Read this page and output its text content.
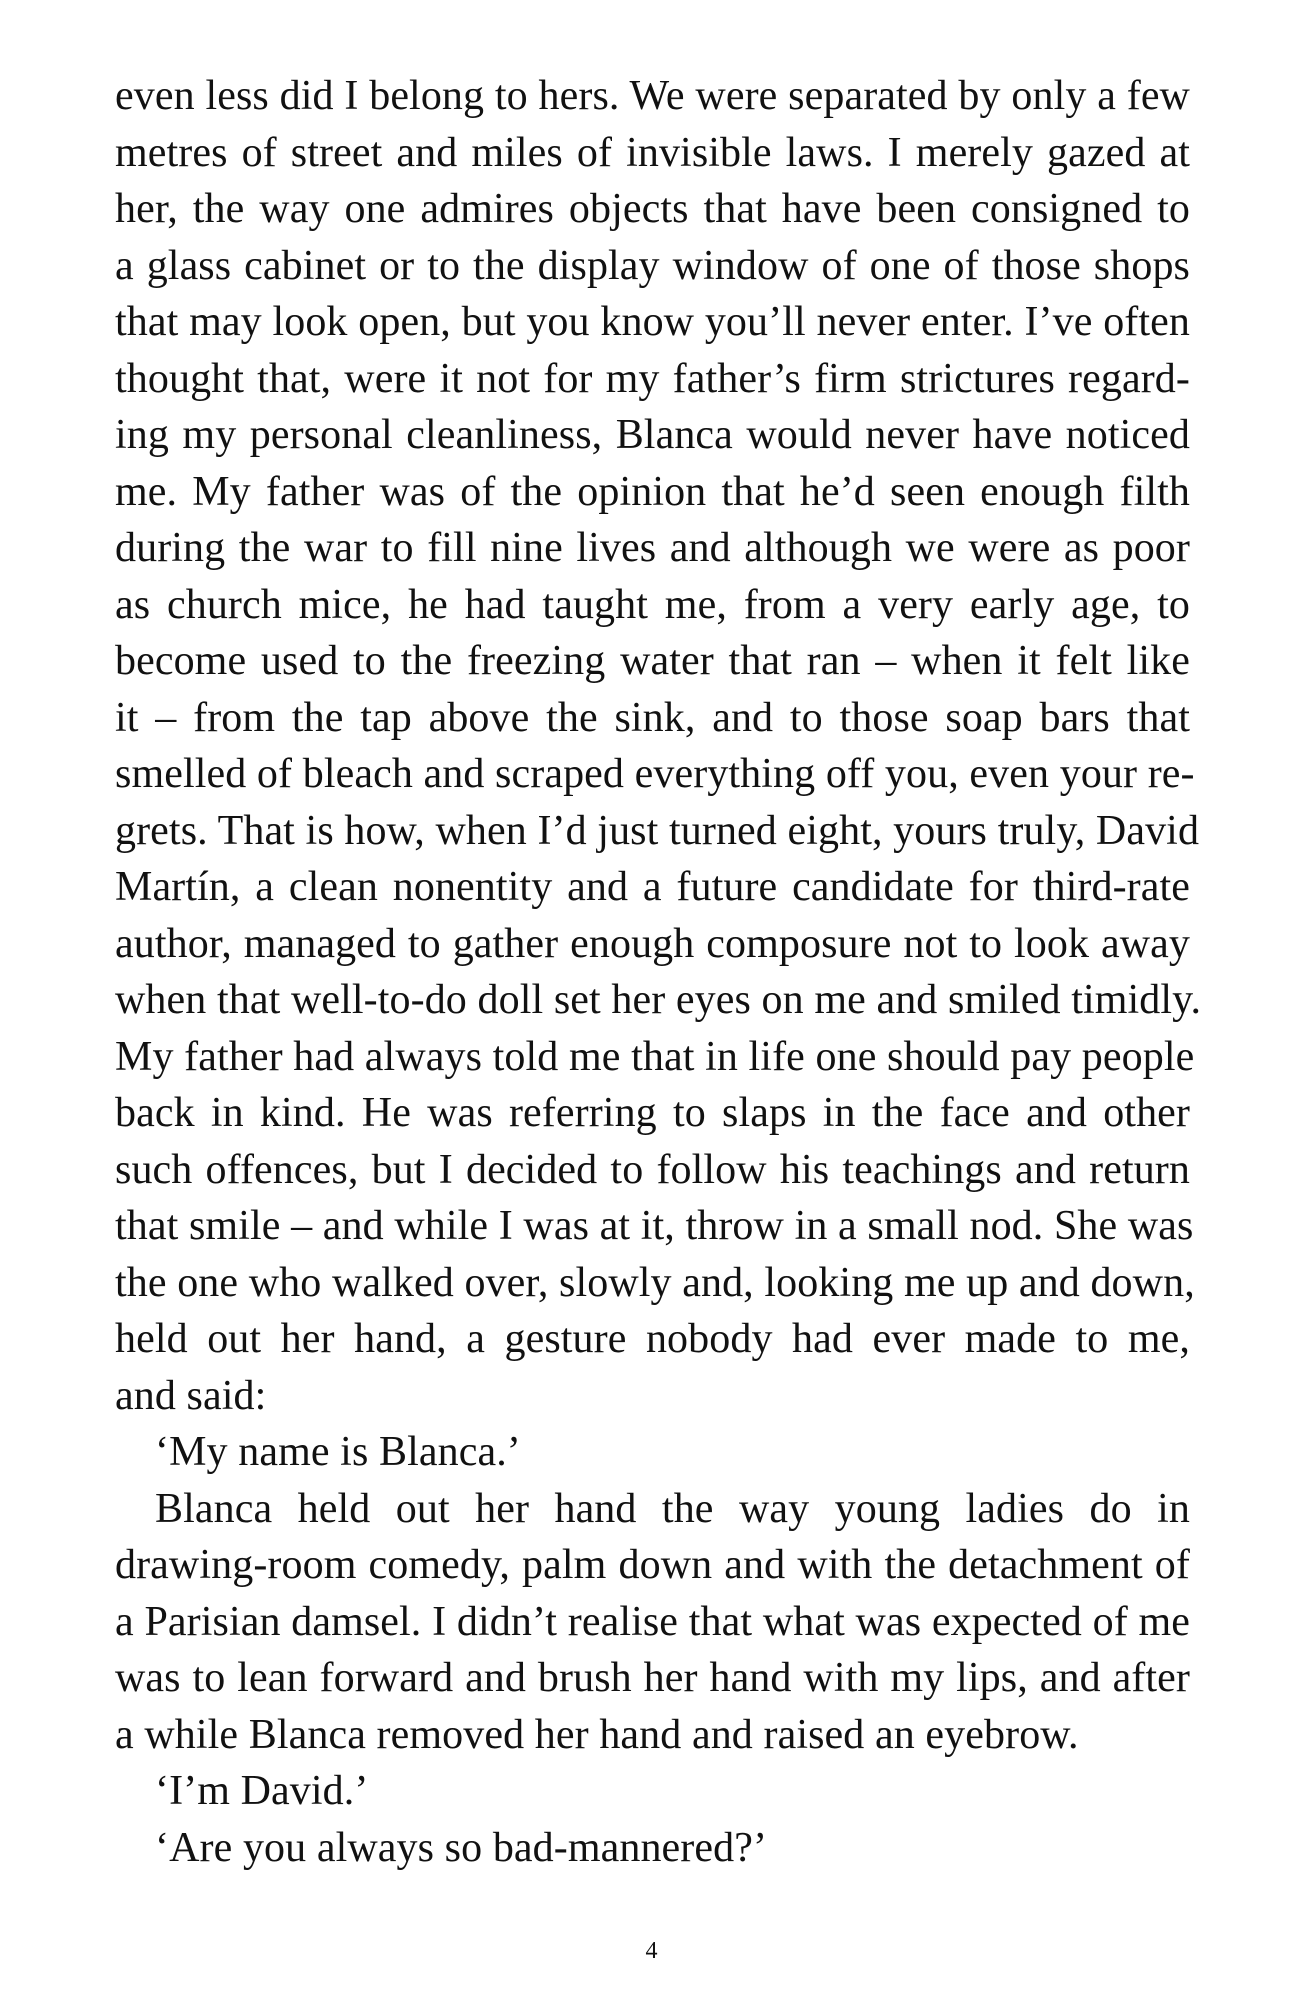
even less did I belong to hers. We were separated by only a few
metres of street and miles of invisible laws. I merely gazed at
her, the way one admires objects that have been consigned to
a glass cabinet or to the display window of one of those shops
that may look open, but you know you’ll never enter. I’ve often
thought that, were it not for my father’s firm strictures regard-
ing my personal cleanliness, Blanca would never have noticed
me. My father was of the opinion that he’d seen enough filth
during the war to fill nine lives and although we were as poor
as church mice, he had taught me, from a very early age, to
become used to the freezing water that ran – when it felt like
it – from the tap above the sink, and to those soap bars that
smelled of bleach and scraped everything off you, even your re-
grets. That is how, when I’d just turned eight, yours truly, David
Martín, a clean nonentity and a future candidate for third-rate
author, managed to gather enough composure not to look away
when that well-to-do doll set her eyes on me and smiled timidly.
My father had always told me that in life one should pay people
back in kind. He was referring to slaps in the face and other
such offences, but I decided to follow his teachings and return
that smile – and while I was at it, throw in a small nod. She was
the one who walked over, slowly and, looking me up and down,
held out her hand, a gesture nobody had ever made to me,
and said:
‘My name is Blanca.’
Blanca held out her hand the way young ladies do in
drawing-room comedy, palm down and with the detachment of
a Parisian damsel. I didn’t realise that what was expected of me
was to lean forward and brush her hand with my lips, and after
a while Blanca removed her hand and raised an eyebrow.
‘I’m David.’
‘Are you always so bad-mannered?’
4
